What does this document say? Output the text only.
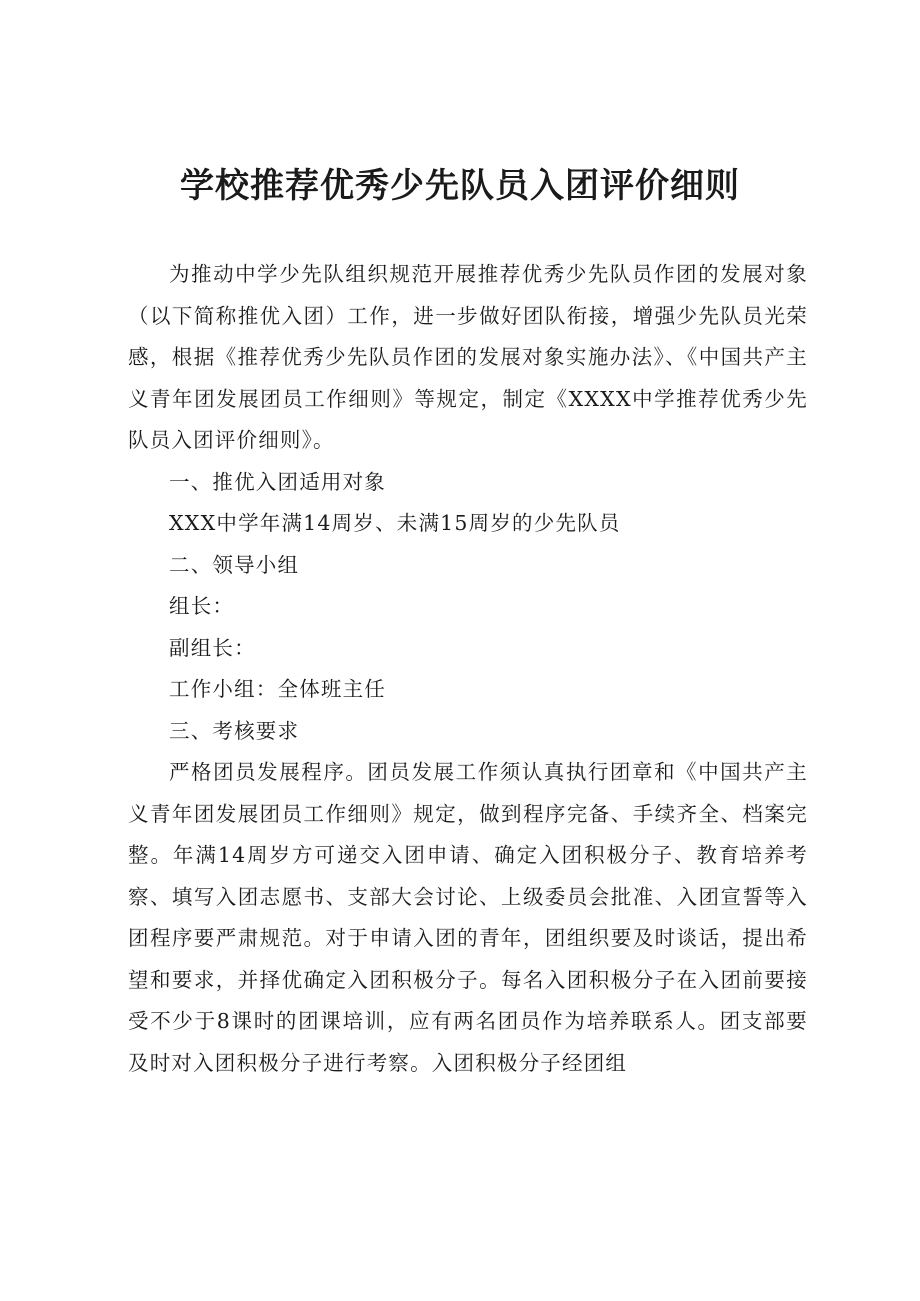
学校推荐优秀少先队员入团评价细则

为推动中学少先队组织规范开展推荐优秀少先队员作团的发展对象（以下简称推优入团）工作，进一步做好团队衔接，增强少先队员光荣感，根据《推荐优秀少先队员作团的发展对象实施办法》、《中国共产主义青年团发展团员工作细则》等规定，制定《XXXX中学推荐优秀少先队员入团评价细则》。

一、推优入团适用对象

XXX中学年满14周岁、未满15周岁的少先队员

二、领导小组

组长：

副组长：

工作小组：全体班主任

三、考核要求

严格团员发展程序。团员发展工作须认真执行团章和《中国共产主义青年团发展团员工作细则》规定，做到程序完备、手续齐全、档案完整。年满14周岁方可递交入团申请、确定入团积极分子、教育培养考察、填写入团志愿书、支部大会讨论、上级委员会批准、入团宣誓等入团程序要严肃规范。对于申请入团的青年，团组织要及时谈话，提出希望和要求，并择优确定入团积极分子。每名入团积极分子在入团前要接受不少于8课时的团课培训，应有两名团员作为培养联系人。团支部要及时对入团积极分子进行考察。入团积极分子经团组
